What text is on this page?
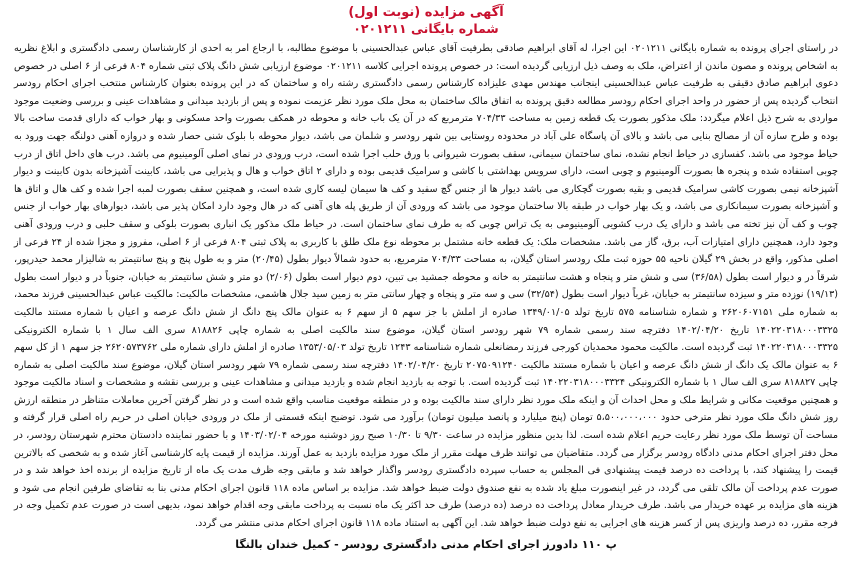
آگهی مزایده (نوبت اول)
شماره بایگانی ۰۲۰۱۲۱۱

در راستای اجرای پرونده به شماره بایگانی ۰۲۰۱۲۱۱ این اجرا، له آقای ابراهیم صادقی بطرفیت آقای عباس عبدالحسینی با موضوع مطالبه، با ارجاع امر به احدی از کارشناسان رسمی دادگستری و ابلاغ نظریه به اشخاص پرونده و مصون ماندن از اعتراض، ملک به وصف ذیل ارزیابی گردیده است: در خصوص پرونده اجرایی کلاسه ۰۲۰۱۲۱۱ موضوع ارزیابی شش دانگ پلاک ثبتی شماره ۸۰۴ فرعی از ۶ اصلی در خصوص دعوی ابراهیم صادق دقیقی به طرفیت عباس عبدالحسینی اینجانب مهندس مهدی علیزاده کارشناس رسمی دادگستری رشته راه و ساختمان که در این پرونده بعنوان کارشناس منتخب اجرای احکام رودسر انتخاب گردیده پس از حضور در واحد اجرای احکام رودسر مطالعه دقیق پرونده به اتفاق مالک ساختمان به محل ملک مورد نظر عزیمت نموده و پس از بازدید میدانی و مشاهدات عینی و بررسی وضعیت موجود مواردی به شرح ذیل اعلام میگردد: ملک مذکور بصورت یک قطعه زمین به مساحت ۷۰۴/۳۳ مترمربع که در آن یک باب خانه و محوطه در همکف بصورت واحد مسکونی و بهار خواب که دارای قدمت ساخت بالا بوده و طرح سازه آن از مصالح بنایی می باشد و بالای آن پاسگاه علی آباد در محدوده روستایی بین شهر رودسر و شلمان می باشد، دیوار محوطه با بلوک شنی حصار شده و دروازه آهنی دولنگه جهت ورود به حیاط موجود می باشد. کفسازی در حیاط انجام نشده، نمای ساختمان سیمانی، سقف بصورت شیروانی با ورق حلب اجرا شده است، درب ورودی در نمای اصلی آلومینیوم می باشد. درب های داخل اتاق از درب چوبی استفاده شده و پنجره ها بصورت آلومینیوم و چوبی است، دارای سرویس بهداشتی با کاشی و سرامیک قدیمی بوده و دارای ۲ اتاق خواب و هال و پذیرایی می باشد، کابینت آشپزخانه بدون کابینت و دیوار آشپزخانه نیمی بصورت کاشی سرامیک قدیمی و بقیه بصورت گچکاری می باشد دیوار ها از جنس گچ سفید و کف ها سیمان لیسه کاری شده است، و همچنین سقف بصورت لمبه اجرا شده و کف هال و اتاق ها و آشپزخانه بصورت سیمانکاری می باشد، و یک بهار خواب در طبقه بالا ساختمان موجود می باشد که ورودی آن از طریق پله های آهنی که در هال وجود دارد امکان پذیر می باشد، دیوارهای بهار خواب از جنس چوب و کف آن نیز تخته می باشد و دارای یک درب کشویی آلومینیومی به یک تراس چوبی که به طرف نمای ساختمان است. در حیاط ملک مذکور یک انباری بصورت بلوکی و سقف حلبی و درب ورودی آهنی وجود دارد، همچنین دارای امتیازات آب، برق، گاز می باشد. مشخصات ملک: یک قطعه خانه مشتمل بر محوطه نوع ملک طلق با کاربری به پلاک ثبتی ۸۰۴ فرعی از ۶ اصلی، مفروز و مجزا شده از ۲۴ فرعی از اصلی مذکور، واقع در بخش ۲۹ گیلان ناحیه ۵۵ حوزه ثبت ملک رودسر استان گیلان، به مساحت ۷۰۴/۳۳ مترمربع، به حدود شمالاً دیوار بطول (۲۰/۴۵) متر و به طول پنج و پنج سانتیمتر به شالیزار محمد حیدرپور، شرقاً در و دیوار است بطول (۳۶/۵۸) سی و شش متر و پنجاه و هشت سانتیمتر به خانه و محوطه جمشید بی تبین، دوم دیوار است بطول (۲/۰۶) دو متر و شش سانتیمتر به خیابان، جنوباً در و دیوار است بطول (۱۹/۱۳) نوزده متر و سیزده سانتیمتر به خیابان، غرباً دیوار است بطول (۳۲/۵۴) سی و سه متر و پنجاه و چهار سانتی متر به زمین سید جلال هاشمی، مشخصات مالکیت: مالکیت عباس عبدالحسینی فرزند محمد، به شماره ملی ۲۶۲۰۶۰۷۱۵۱ و شماره شناسنامه ۵۷۵ تاریخ تولد ۱۳۴۹/۰۱/۰۵ صادره از املش با جز سهم ۵ از سهم ۶ به عنوان مالک پنج دانگ از شش دانگ عرصه و اعیان با شماره مستند مالکیت ۱۴۰۲۲۰۳۱۸۰۰۰۳۳۲۵ تاریخ ۱۴۰۲/۰۴/۲۰ دفترچه سند رسمی شماره ۷۹ شهر رودسر استان گیلان، موضوع سند مالکیت اصلی به شماره چاپی ۸۱۸۸۲۶ سری الف سال ۱ با شماره الکترونیکی ۱۴۰۲۲۰۳۱۸۰۰۰۳۳۲۵ ثبت گردیده است. مالکیت محمود محمدیان کورجی فرزند رمضانعلی شماره شناسنامه ۱۲۴۳ تاریخ تولد ۱۳۵۳/۰۵/۰۳ صادره از املش دارای شماره ملی ۲۶۲۰۵۷۳۷۶۲ جز سهم ۱ از کل سهم ۶ به عنوان مالک یک دانگ از شش دانگ عرصه و اعیان با شماره مستند مالکیت ۲۰۷۵۰۹۱۲۴۰ تاریخ ۱۴۰۲/۰۴/۲۰ دفترچه سند رسمی شماره ۷۹ شهر رودسر استان گیلان، موضوع سند مالکیت اصلی به شماره چاپی ۸۱۸۸۲۷ سری الف سال ۱ با شماره الکترونیکی ۱۴۰۲۲۰۳۱۸۰۰۰۳۳۲۴ ثبت گردیده است. با توجه به بازدید انجام شده و بازدید میدانی و مشاهدات عینی و بررسی نقشه و مشخصات و اسناد مالکیت موجود و همچنین موقعیت مکانی و شرایط ملک و محل احداث آن و اینکه ملک مورد نظر دارای سند مالکیت بوده و در منطقه موقعیت مناسب واقع شده است و در نظر گرفتن آخرین معاملات متناظر در منطقه ارزش روز شش دانگ ملک مورد نظر مترخی حدود ۵،۵۰۰،۰۰۰،۰۰۰ تومان (پنج میلیارد و پانصد میلیون تومان) برآورد می شود. توضیح اینکه قسمتی از ملک در ورودی خیابان اصلی در حریم راه اصلی قرار گرفته و مساحت آن توسط ملک مورد نظر رعایت حریم اعلام شده است. لذا بدین منظور مزایده در ساعت ۹/۳۰ تا ۱۰/۳۰ صبح روز دوشنبه مورخه ۱۴۰۳/۰۲/۰۴ و با حضور نماینده دادستان محترم شهرستان رودسر، در محل دفتر اجرای احکام مدنی دادگاه رودسر برگزار می گردد. متقاضیان می توانند ظرف مهلت مقرر از ملک مورد مزایده بازدید به عمل آورند. مزایده از قیمت پایه کارشناسی آغاز شده و به شخصی که بالاترین قیمت را پیشنهاد کند، با پرداخت ده درصد قیمت پیشنهادی فی المجلس به حساب سپرده دادگستری رودسر واگذار خواهد شد و مابقی وجه ظرف مدت یک ماه از تاریخ مزایده از برنده اخذ خواهد شد و در صورت عدم پرداخت آن مالک تلقی می گردد، در غیر اینصورت مبلغ یاد شده به نفع صندوق دولت ضبط خواهد شد. مزایده بر اساس ماده ۱۱۸ قانون اجرای احکام مدنی بنا به تقاضای طرفین انجام می شود و هزینه های مزایده بر عهده خریدار می باشد. طرف خریدار معادل پرداخت ده درصد (ده درصد) طرف حد اکثر یک ماه نسبت به پرداخت مابقی وجه اقدام خواهد نمود، بدیهی است در صورت عدم تکمیل وجه در فرجه مقرر، ده درصد واریزی پس از کسر هزینه های اجرایی به نفع دولت ضبط خواهد شد. این آگهی به استناد ماده ۱۱۸ قانون اجرای احکام مدنی منتشر می گردد.

پ ۱۱۰ دادورز اجرای احکام مدنی دادگستری رودسر - کمیل خندان بالنگا
